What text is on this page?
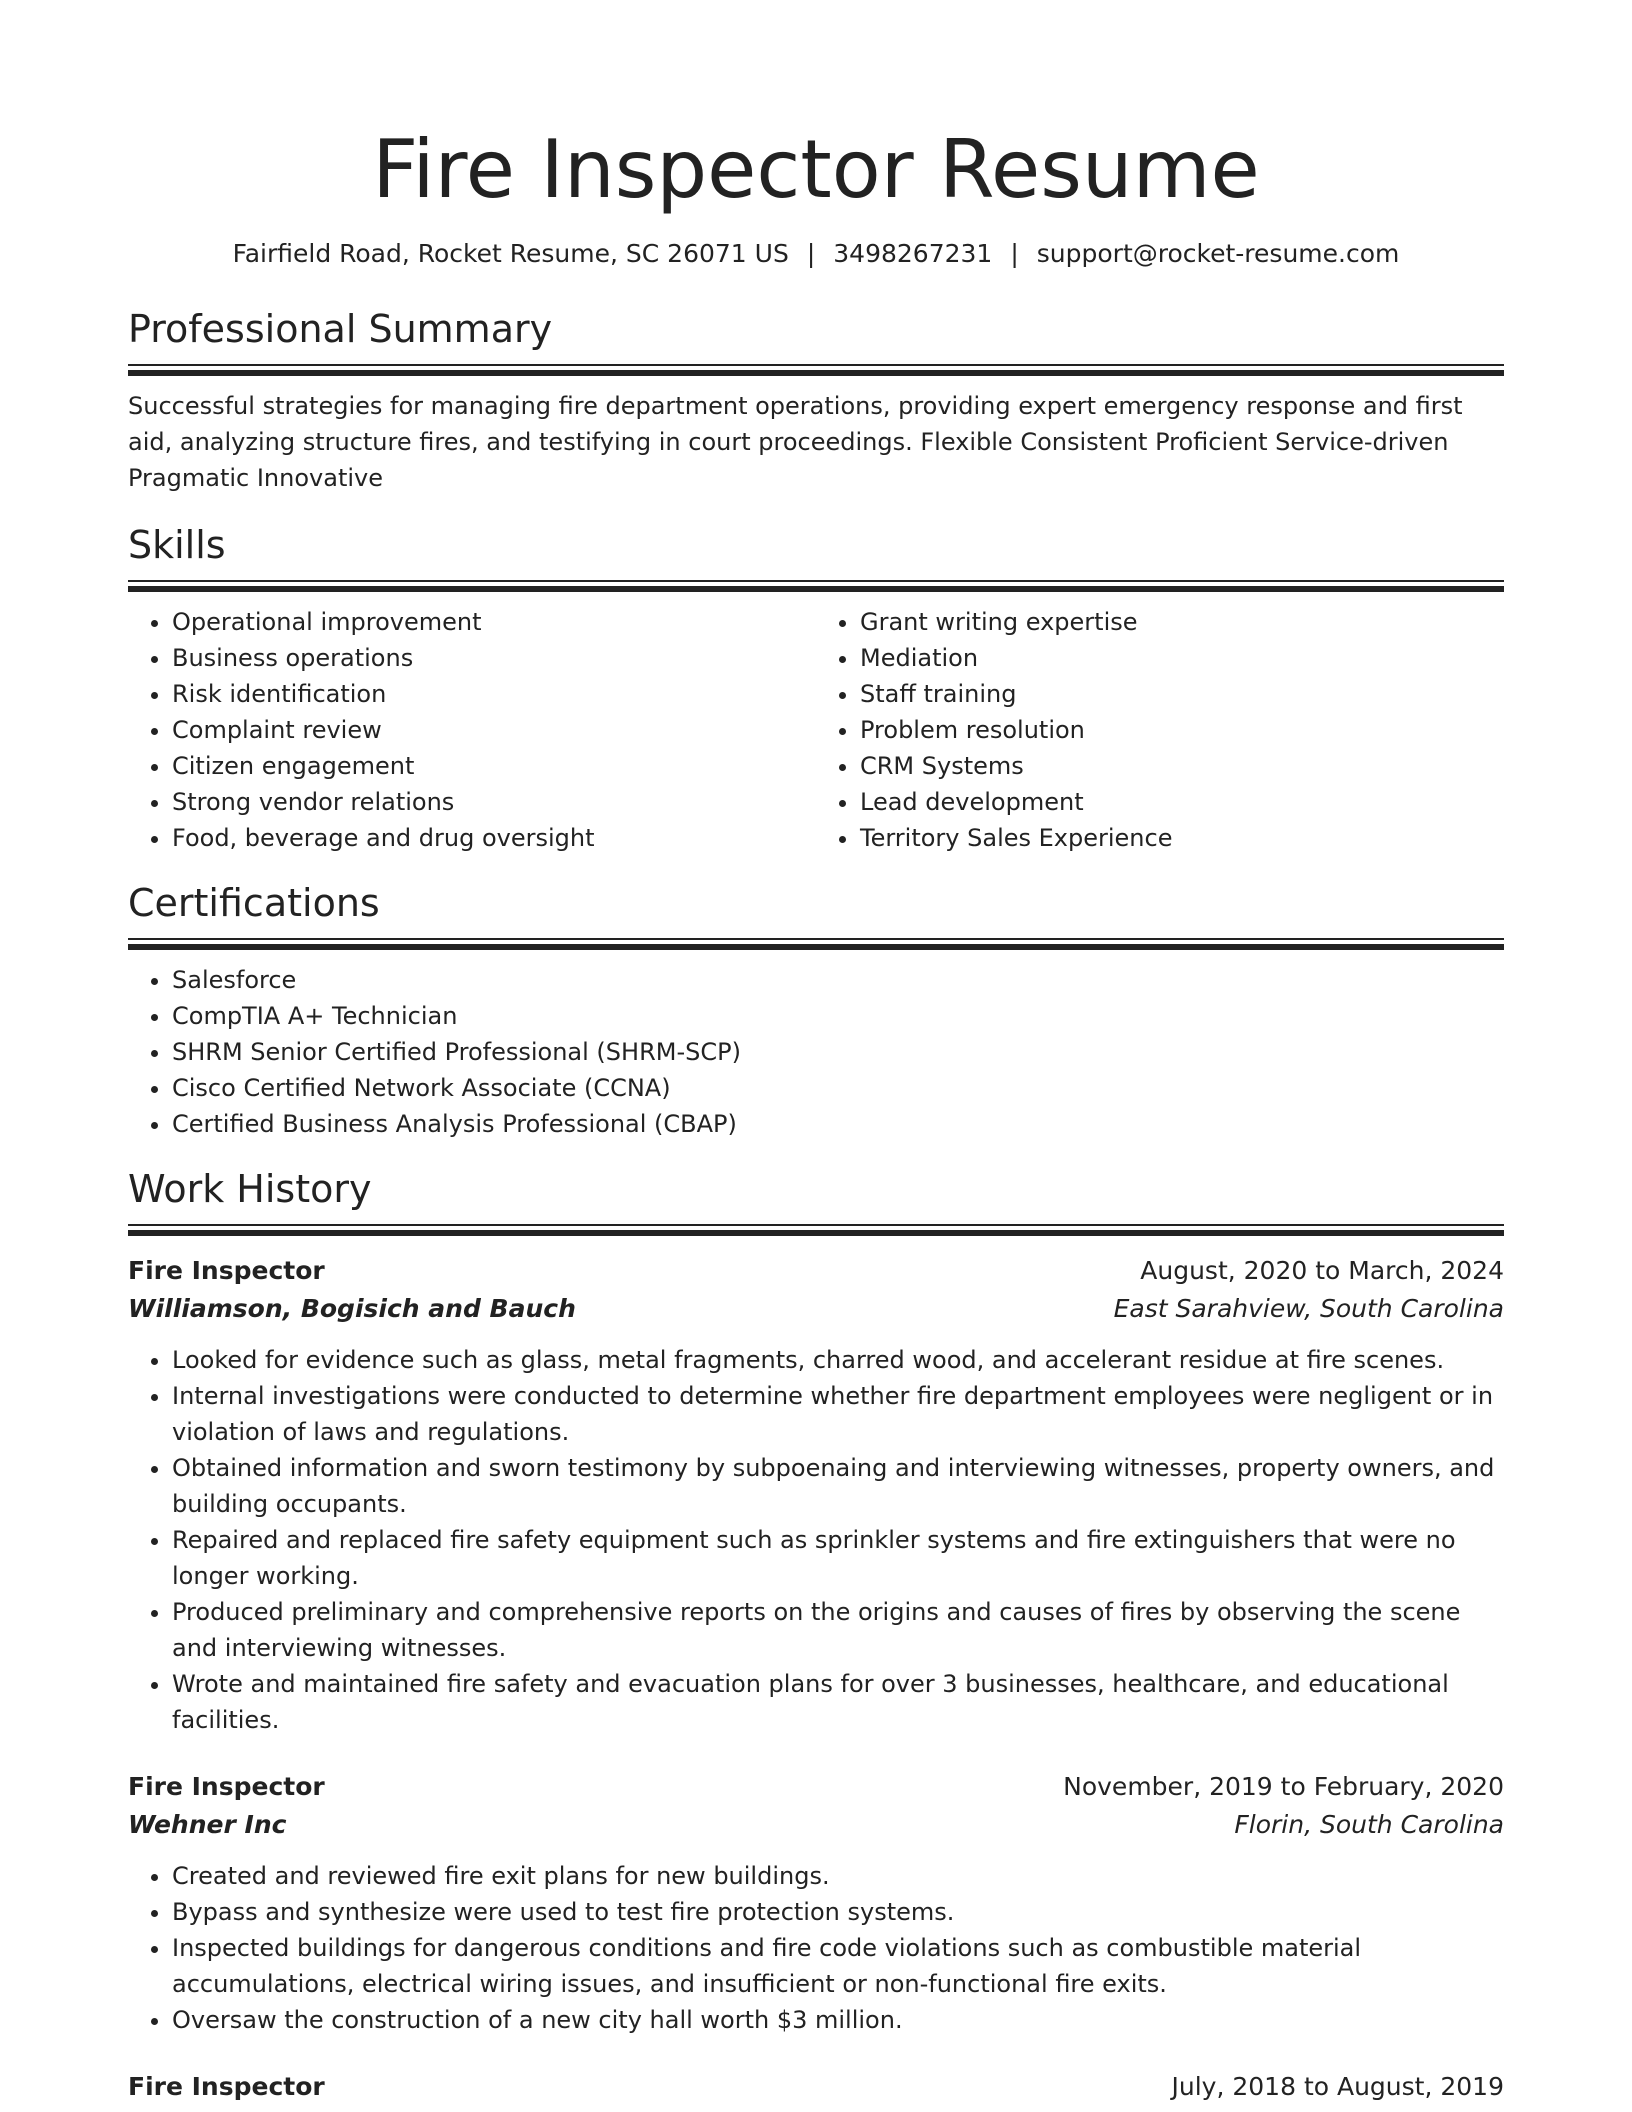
Fire Inspector Resume
Fairfield Road, Rocket Resume, SC 26071 US | 3498267231 | support@rocket-resume.com
Professional Summary
Successful strategies for managing fire department operations, providing expert emergency response and first aid, analyzing structure fires, and testifying in court proceedings. Flexible Consistent Proficient Service-driven Pragmatic Innovative
Skills
• Operational improvement
• Business operations
• Risk identification
• Complaint review
• Citizen engagement
• Strong vendor relations
• Food, beverage and drug oversight
• Grant writing expertise
• Mediation
• Staff training
• Problem resolution
• CRM Systems
• Lead development
• Territory Sales Experience
Certifications
• Salesforce
• CompTIA A+ Technician
• SHRM Senior Certified Professional (SHRM-SCP)
• Cisco Certified Network Associate (CCNA)
• Certified Business Analysis Professional (CBAP)
Work History
Fire Inspector	August, 2020 to March, 2024
Williamson, Bogisich and Bauch	East Sarahview, South Carolina
• Looked for evidence such as glass, metal fragments, charred wood, and accelerant residue at fire scenes.
• Internal investigations were conducted to determine whether fire department employees were negligent or in violation of laws and regulations.
• Obtained information and sworn testimony by subpoenaing and interviewing witnesses, property owners, and building occupants.
• Repaired and replaced fire safety equipment such as sprinkler systems and fire extinguishers that were no longer working.
• Produced preliminary and comprehensive reports on the origins and causes of fires by observing the scene and interviewing witnesses.
• Wrote and maintained fire safety and evacuation plans for over 3 businesses, healthcare, and educational facilities.
Fire Inspector	November, 2019 to February, 2020
Wehner Inc	Florin, South Carolina
• Created and reviewed fire exit plans for new buildings.
• Bypass and synthesize were used to test fire protection systems.
• Inspected buildings for dangerous conditions and fire code violations such as combustible material accumulations, electrical wiring issues, and insufficient or non-functional fire exits.
• Oversaw the construction of a new city hall worth $3 million.
Fire Inspector	July, 2018 to August, 2019
